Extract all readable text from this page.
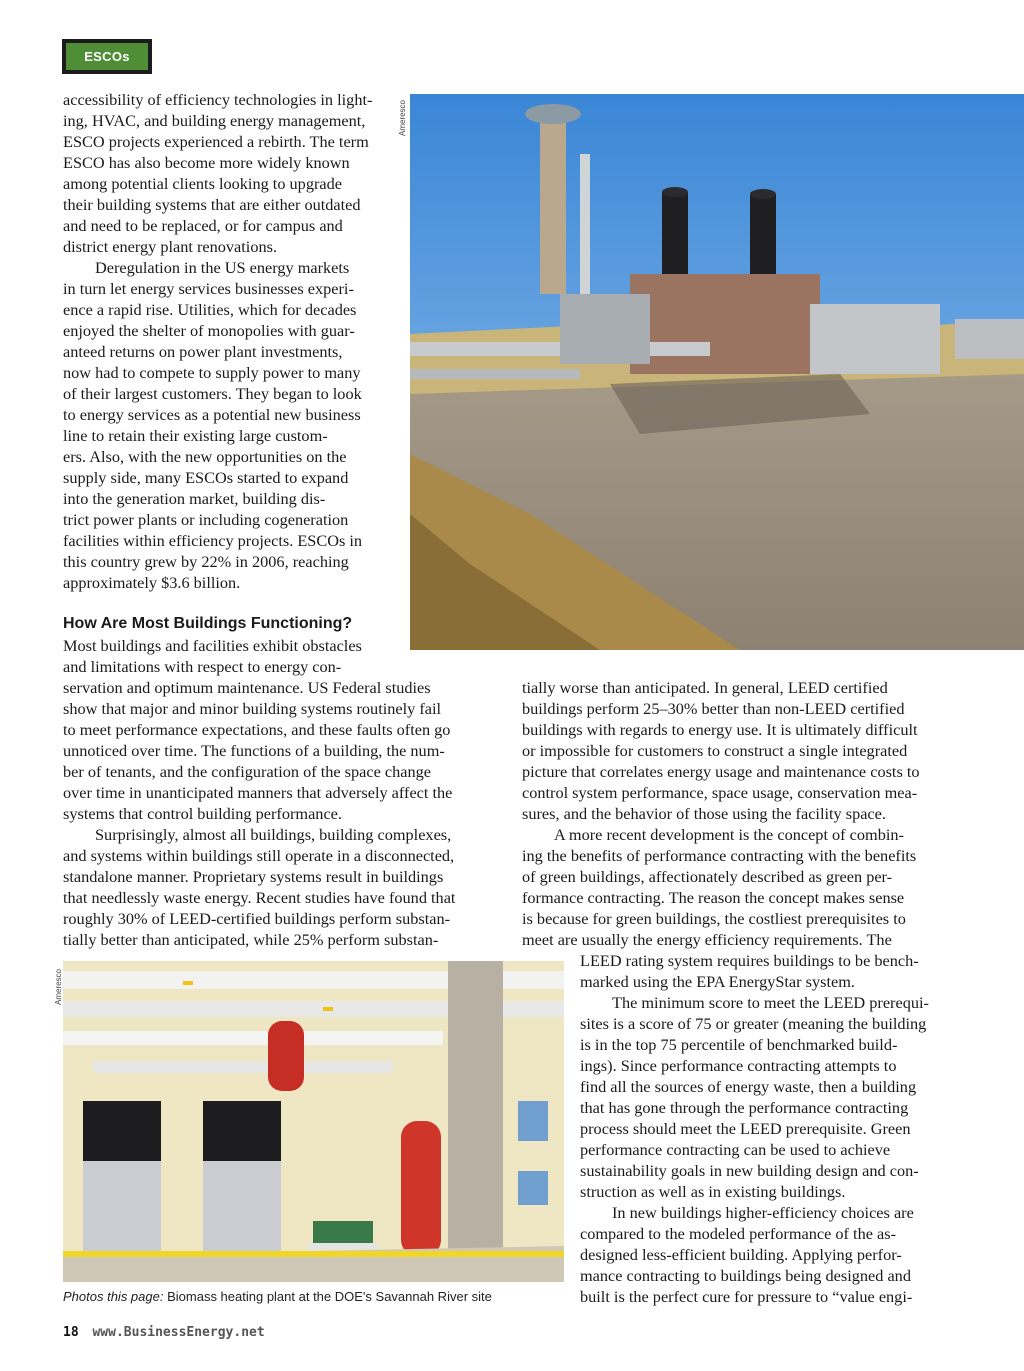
ESCOs

accessibility of efficiency technologies in light-
ing, HVAC, and building energy management,
ESCO projects experienced a rebirth. The term
ESCO has also become more widely known
among potential clients looking to upgrade
their building systems that are either outdated
and need to be replaced, or for campus and
district energy plant renovations.

Deregulation in the US energy markets
in turn let energy services businesses experi-
ence a rapid rise. Utilities, which for decades
enjoyed the shelter of monopolies with guar-
anteed returns on power plant investments,
now had to compete to supply power to many
of their largest customers. They began to look
to energy services as a potential new business
line to retain their existing large custom-
ers. Also, with the new opportunities on the
supply side, many ESCOs started to expand
into the generation market, building dis-
trict power plants or including cogeneration
facilities within efficiency projects. ESCOs in
this country grew by 22% in 2006, reaching
approximately $3.6 billion.

How Are Most Buildings Functioning?

Most buildings and facilities exhibit obstacles
and limitations with respect to energy con-

servation and optimum maintenance. US Federal studies
show that major and minor building systems routinely fail
to meet performance expectations, and these faults often go
unnoticed over time. The functions of a building, the num-
ber of tenants, and the configuration of the space change
over time in unanticipated manners that adversely affect the
systems that control building performance.

Surprisingly, almost all buildings, building complexes,
and systems within buildings still operate in a disconnected,
standalone manner. Proprietary systems result in buildings
that needlessly waste energy. Recent studies have found that
roughly 30% of LEED-certified buildings perform substan-
tially better than anticipated, while 25% perform substan-

tially worse than anticipated. In general, LEED certified
buildings perform 25–30% better than non-LEED certified
buildings with regards to energy use. It is ultimately difficult
or impossible for customers to construct a single integrated
picture that correlates energy usage and maintenance costs to
control system performance, space usage, conservation mea-
sures, and the behavior of those using the facility space.

A more recent development is the concept of combin-
ing the benefits of performance contracting with the benefits
of green buildings, affectionately described as green per-
formance contracting. The reason the concept makes sense
is because for green buildings, the costliest prerequisites to
meet are usually the energy efficiency requirements. The

LEED rating system requires buildings to be bench-
marked using the EPA EnergyStar system.

The minimum score to meet the LEED prerequi-
sites is a score of 75 or greater (meaning the building
is in the top 75 percentile of benchmarked build-
ings). Since performance contracting attempts to
find all the sources of energy waste, then a building
that has gone through the performance contracting
process should meet the LEED prerequisite. Green
performance contracting can be used to achieve
sustainability goals in new building design and con-
struction as well as in existing buildings.

In new buildings higher-efficiency choices are
compared to the modeled performance of the as-
designed less-efficient building. Applying perfor-
mance contracting to buildings being designed and
built is the perfect cure for pressure to “value engi-

Ameresco
Ameresco
Photos this page: Biomass heating plant at the DOE's Savannah River site
18 www.BusinessEnergy.net
